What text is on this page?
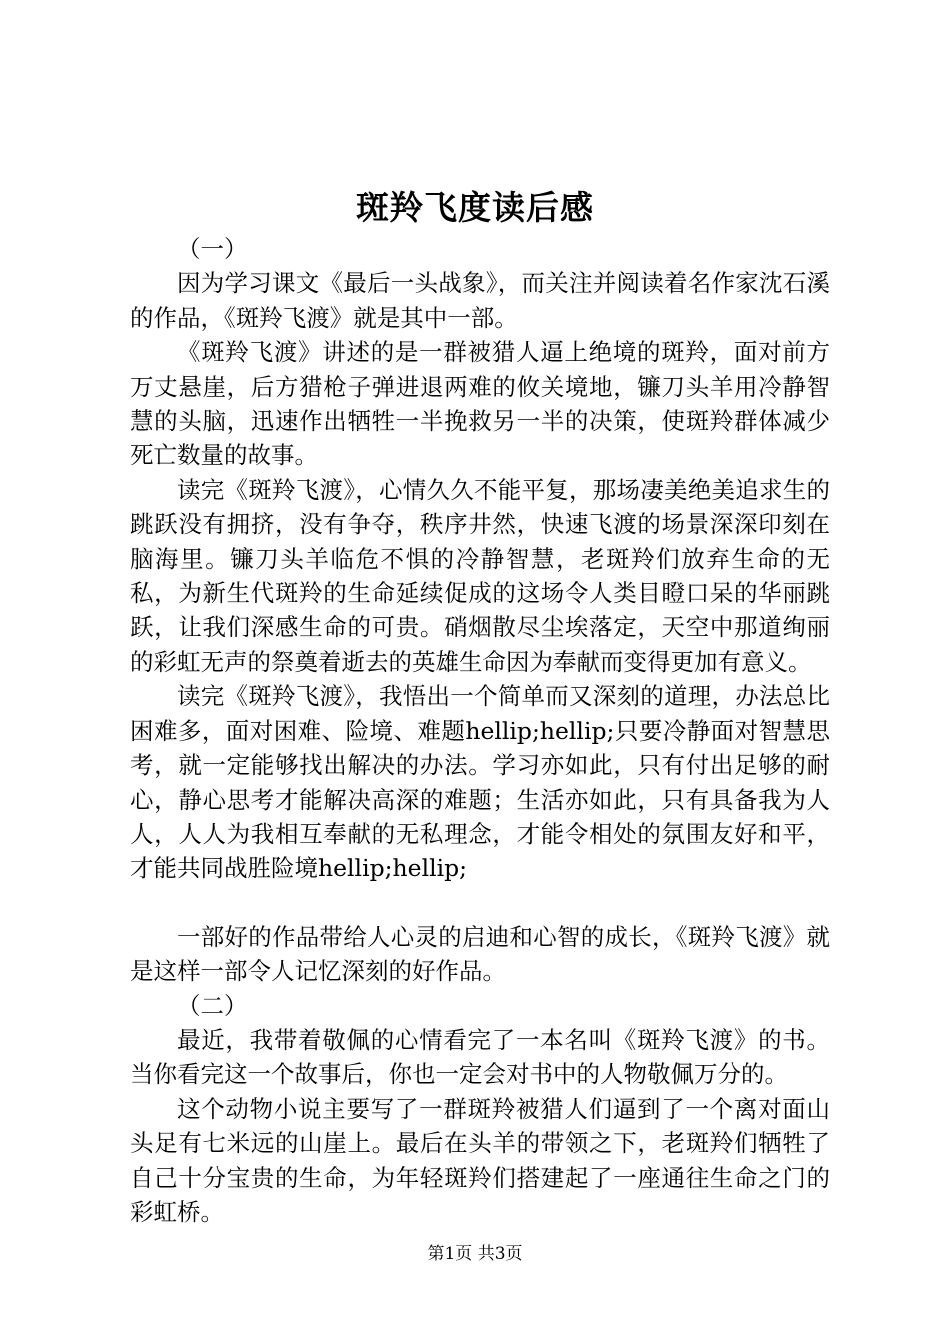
斑羚飞度读后感

（一）

因为学习课文《最后一头战象》，而关注并阅读着名作家沈石溪的作品，《斑羚飞渡》就是其中一部。

《斑羚飞渡》讲述的是一群被猎人逼上绝境的斑羚，面对前方万丈悬崖，后方猎枪子弹进退两难的攸关境地，镰刀头羊用冷静智慧的头脑，迅速作出牺牲一半挽救另一半的决策，使斑羚群体减少死亡数量的故事。

读完《斑羚飞渡》，心情久久不能平复，那场凄美绝美追求生的跳跃没有拥挤，没有争夺，秩序井然，快速飞渡的场景深深印刻在脑海里。镰刀头羊临危不惧的冷静智慧，老斑羚们放弃生命的无私，为新生代斑羚的生命延续促成的这场令人类目瞪口呆的华丽跳跃，让我们深感生命的可贵。硝烟散尽尘埃落定，天空中那道绚丽的彩虹无声的祭奠着逝去的英雄生命因为奉献而变得更加有意义。

读完《斑羚飞渡》，我悟出一个简单而又深刻的道理，办法总比困难多，面对困难、险境、难题hellip;hellip;只要冷静面对智慧思考，就一定能够找出解决的办法。学习亦如此，只有付出足够的耐心，静心思考才能解决高深的难题；生活亦如此，只有具备我为人人，人人为我相互奉献的无私理念，才能令相处的氛围友好和平，才能共同战胜险境hellip;hellip;

一部好的作品带给人心灵的启迪和心智的成长，《斑羚飞渡》就是这样一部令人记忆深刻的好作品。

（二）

最近，我带着敬佩的心情看完了一本名叫《斑羚飞渡》的书。当你看完这一个故事后，你也一定会对书中的人物敬佩万分的。

这个动物小说主要写了一群斑羚被猎人们逼到了一个离对面山头足有七米远的山崖上。最后在头羊的带领之下，老斑羚们牺牲了自己十分宝贵的生命，为年轻斑羚们搭建起了一座通往生命之门的彩虹桥。

第1页 共3页
